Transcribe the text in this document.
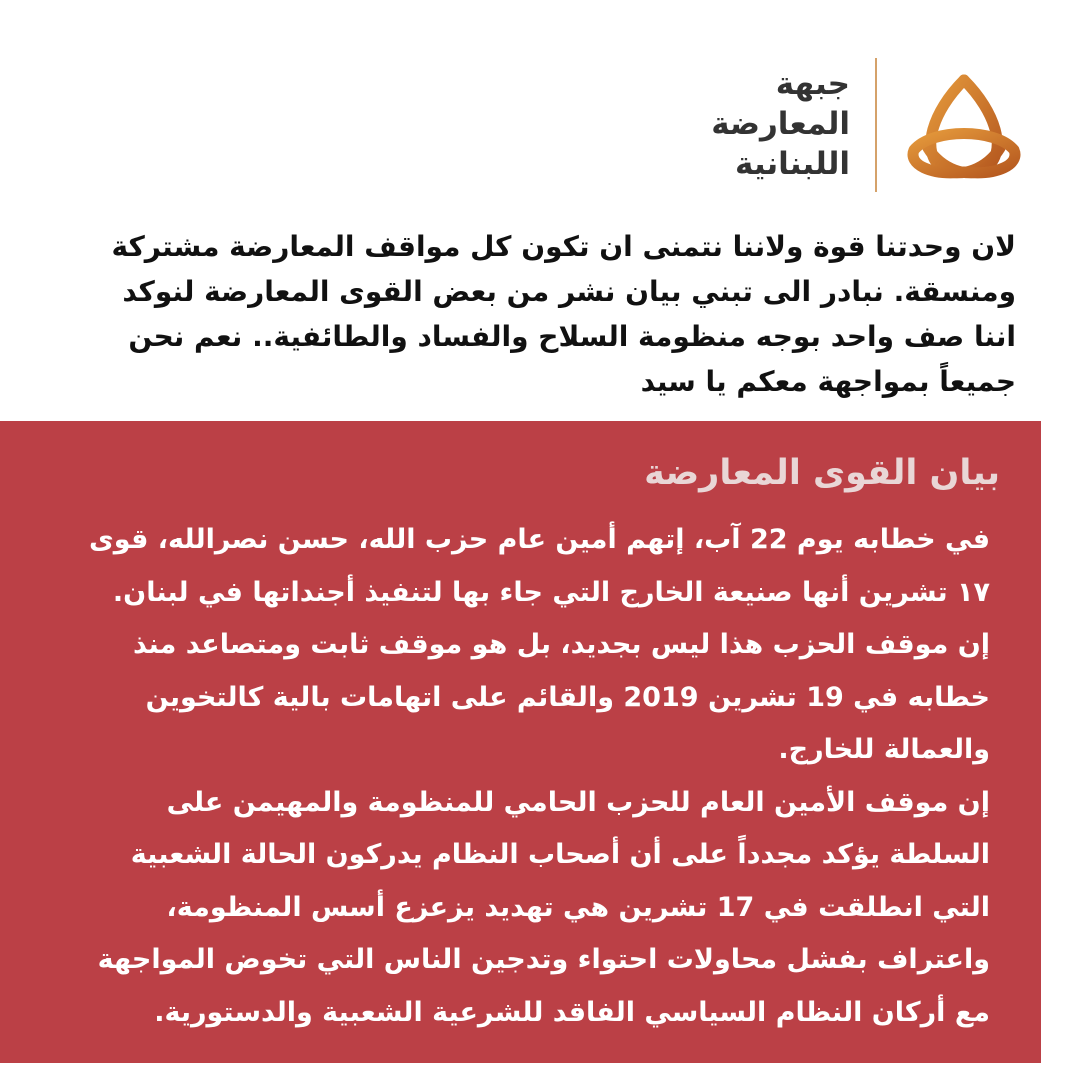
جبهة
المعارضة
اللبنانية
لان وحدتنا قوة ولاننا نتمنى ان تكون كل مواقف المعارضة مشتركة
ومنسقة. نبادر الى تبني بيان نشر من بعض القوى المعارضة لنوكد
اننا صف واحد بوجه منظومة السلاح والفساد والطائفية.. نعم نحن
جميعاً بمواجهة معكم يا سيد
بيان القوى المعارضة
في خطابه يوم 22 آب، إتهم أمين عام حزب الله، حسن نصرالله، قوى
١٧ تشرين أنها صنيعة الخارج التي جاء بها لتنفيذ أجنداتها في لبنان.
إن موقف الحزب هذا ليس بجديد، بل هو موقف ثابت ومتصاعد منذ
خطابه في 19 تشرين 2019 والقائم على اتهامات بالية كالتخوين
والعمالة للخارج.
إن موقف الأمين العام للحزب الحامي للمنظومة والمهيمن على
السلطة يؤكد مجدداً على أن أصحاب النظام يدركون الحالة الشعبية
التي انطلقت في 17 تشرين هي تهديد يزعزع أسس المنظومة،
واعتراف بفشل محاولات احتواء وتدجين الناس التي تخوض المواجهة
مع أركان النظام السياسي الفاقد للشرعية الشعبية والدستورية.
